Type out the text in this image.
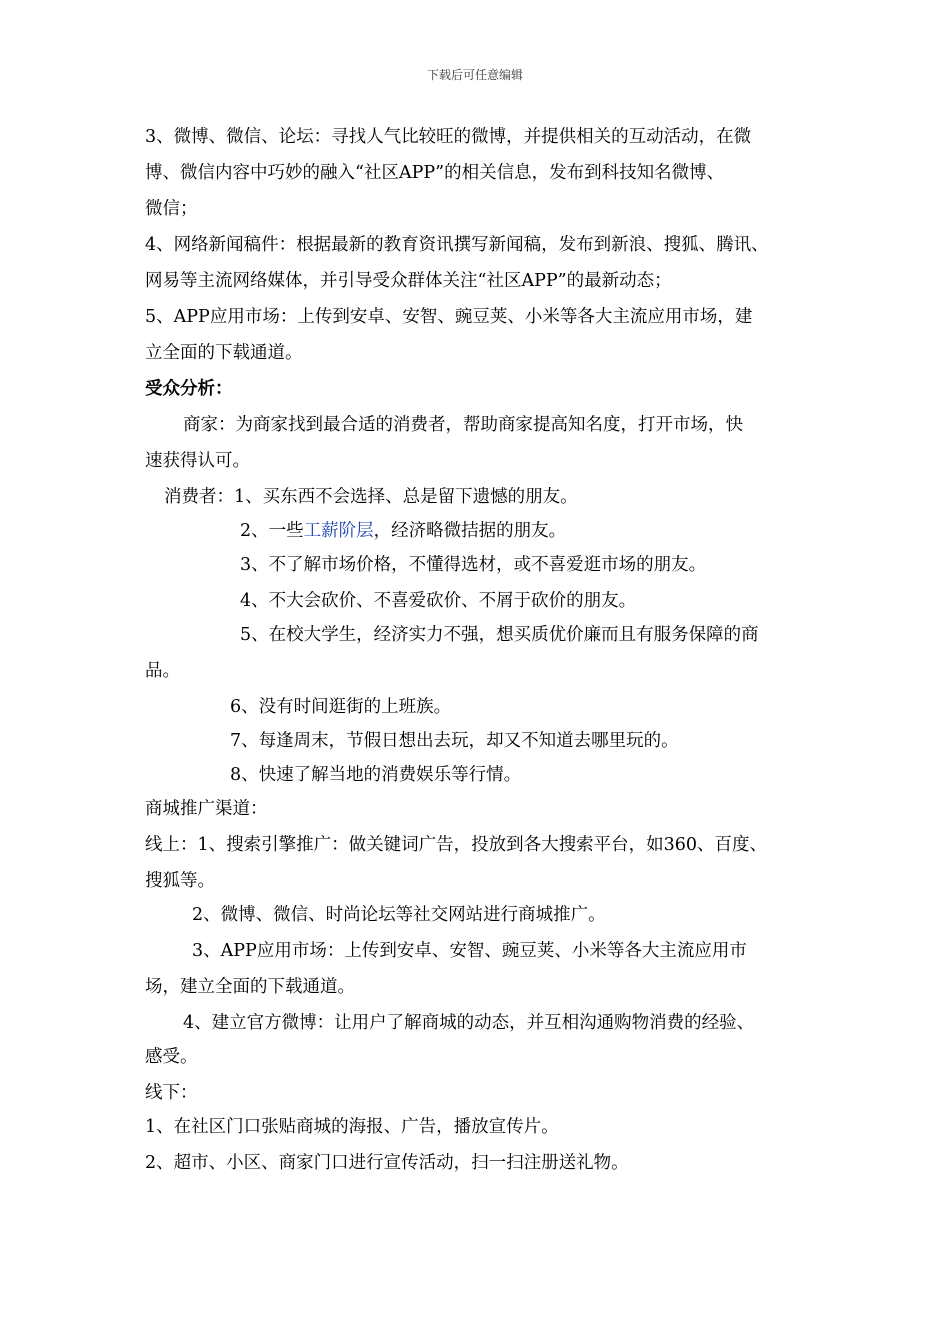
下载后可任意编辑
3、微博、微信、论坛：寻找人气比较旺的微博，并提供相关的互动活动，在微
博、微信内容中巧妙的融入“社区APP”的相关信息，发布到科技知名微博、
微信；
4、网络新闻稿件：根据最新的教育资讯撰写新闻稿，发布到新浪、搜狐、腾讯、
网易等主流网络媒体，并引导受众群体关注“社区APP”的最新动态；
5、APP应用市场：上传到安卓、安智、豌豆荚、小米等各大主流应用市场，建
立全面的下载通道。
受众分析：
商家：为商家找到最合适的消费者，帮助商家提高知名度，打开市场，快
速获得认可。
消费者：1、买东西不会选择、总是留下遗憾的朋友。
2、一些工薪阶层，经济略微拮据的朋友。
3、不了解市场价格，不懂得选材，或不喜爱逛市场的朋友。
4、不大会砍价、不喜爱砍价、不屑于砍价的朋友。
5、在校大学生，经济实力不强，想买质优价廉而且有服务保障的商
品。
6、没有时间逛街的上班族。
7、每逢周末，节假日想出去玩，却又不知道去哪里玩的。
8、快速了解当地的消费娱乐等行情。
商城推广渠道：
线上：1、搜索引擎推广：做关键词广告，投放到各大搜索平台，如360、百度、
搜狐等。
2、微博、微信、时尚论坛等社交网站进行商城推广。
3、APP应用市场：上传到安卓、安智、豌豆荚、小米等各大主流应用市
场，建立全面的下载通道。
4、建立官方微博：让用户了解商城的动态，并互相沟通购物消费的经验、
感受。
线下：
1、在社区门口张贴商城的海报、广告，播放宣传片。
2、超市、小区、商家门口进行宣传活动，扫一扫注册送礼物。
